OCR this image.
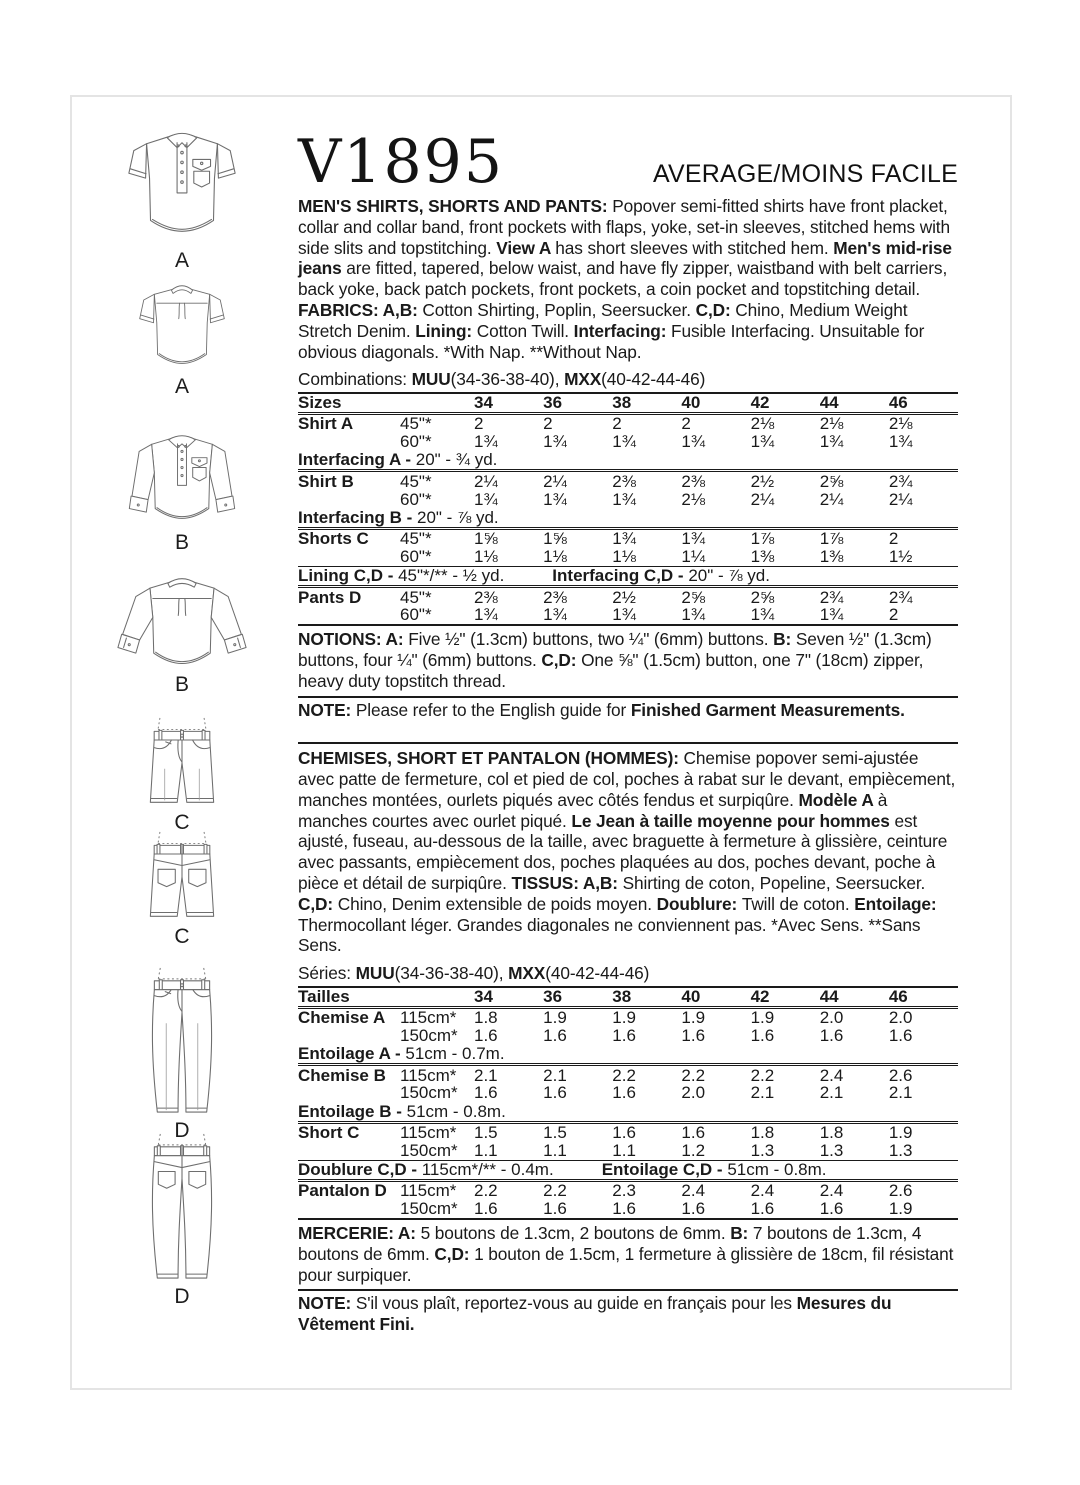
A
A
B
B
C
C
D
D
V1895	AVERAGE/MOINS FACILE
MEN'S SHIRTS, SHORTS AND PANTS: Popover semi-fitted shirts have front placket, collar and collar band, front pockets with flaps, yoke, set-in sleeves, stitched hems with side slits and topstitching. View A has short sleeves with stitched hem. Men's mid-rise jeans are fitted, tapered, below waist, and have fly zipper, waistband with belt carriers, back yoke, back patch pockets, front pockets, a coin pocket and topstitching detail. FABRICS: A,B: Cotton Shirting, Poplin, Seersucker. C,D: Chino, Medium Weight Stretch Denim. Lining: Cotton Twill. Interfacing: Fusible Interfacing. Unsuitable for obvious diagonals. *With Nap. **Without Nap.
Combinations: MUU(34-36-38-40), MXX(40-42-44-46)
Sizes	34	36	38	40	42	44	46
Shirt A	45"*	2	2	2	2	2⅛	2⅛	2⅛
60"*	1¾	1¾	1¾	1¾	1¾	1¾	1¾
Interfacing A - 20" - ¾ yd.
Shirt B	45"*	2¼	2¼	2⅜	2⅜	2½	2⅝	2¾
60"*	1¾	1¾	1¾	2⅛	2¼	2¼	2¼
Interfacing B - 20" - ⅞ yd.
Shorts C	45"*	1⅝	1⅝	1¾	1¾	1⅞	1⅞	2
60"*	1⅛	1⅛	1⅛	1¼	1⅜	1⅜	1½
Lining C,D - 45"*/** - ½ yd.	Interfacing C,D - 20" - ⅞ yd.
Pants D	45"*	2⅜	2⅜	2½	2⅝	2⅝	2¾	2¾
60"*	1¾	1¾	1¾	1¾	1¾	1¾	2
NOTIONS: A: Five ½" (1.3cm) buttons, two ¼" (6mm) buttons. B: Seven ½" (1.3cm) buttons, four ¼" (6mm) buttons. C,D: One ⅝" (1.5cm) button, one 7" (18cm) zipper, heavy duty topstitch thread.
NOTE: Please refer to the English guide for Finished Garment Measurements.
CHEMISES, SHORT ET PANTALON (HOMMES): Chemise popover semi-ajustée avec patte de fermeture, col et pied de col, poches à rabat sur le devant, empiècement, manches montées, ourlets piqués avec côtés fendus et surpiqûre. Modèle A à manches courtes avec ourlet piqué. Le Jean à taille moyenne pour hommes est ajusté, fuseau, au-dessous de la taille, avec braguette à fermeture à glissière, ceinture avec passants, empiècement dos, poches plaquées au dos, poches devant, poche à pièce et détail de surpiqûre. TISSUS: A,B: Shirting de coton, Popeline, Seersucker. C,D: Chino, Denim extensible de poids moyen. Doublure: Twill de coton. Entoilage: Thermocollant léger. Grandes diagonales ne conviennent pas. *Avec Sens. **Sans Sens.
Séries: MUU(34-36-38-40), MXX(40-42-44-46)
Tailles	34	36	38	40	42	44	46
Chemise A 115cm*	1.8	1.9	1.9	1.9	1.9	2.0	2.0
150cm* 1.6	1.6	1.6	1.6	1.6	1.6	1.6
Entoilage A - 51cm - 0.7m.
Chemise B 115cm*	2.1	2.1	2.2	2.2	2.2	2.4	2.6
150cm* 1.6	1.6	1.6	2.0	2.1	2.1	2.1
Entoilage B - 51cm - 0.8m.
Short C	115cm*	1.5	1.5	1.6	1.6	1.8	1.8	1.9
150cm* 1.1	1.1	1.1	1.2	1.3	1.3	1.3
Doublure C,D - 115cm*/** - 0.4m.	Entoilage C,D - 51cm - 0.8m.
Pantalon D 115cm*	2.2	2.2	2.3	2.4	2.4	2.4	2.6
150cm* 1.6	1.6	1.6	1.6	1.6	1.6	1.9
MERCERIE: A: 5 boutons de 1.3cm, 2 boutons de 6mm. B: 7 boutons de 1.3cm, 4 boutons de 6mm. C,D: 1 bouton de 1.5cm, 1 fermeture à glissière de 18cm, fil résistant pour surpiquer.
NOTE: S'il vous plaît, reportez-vous au guide en français pour les Mesures du Vêtement Fini.
